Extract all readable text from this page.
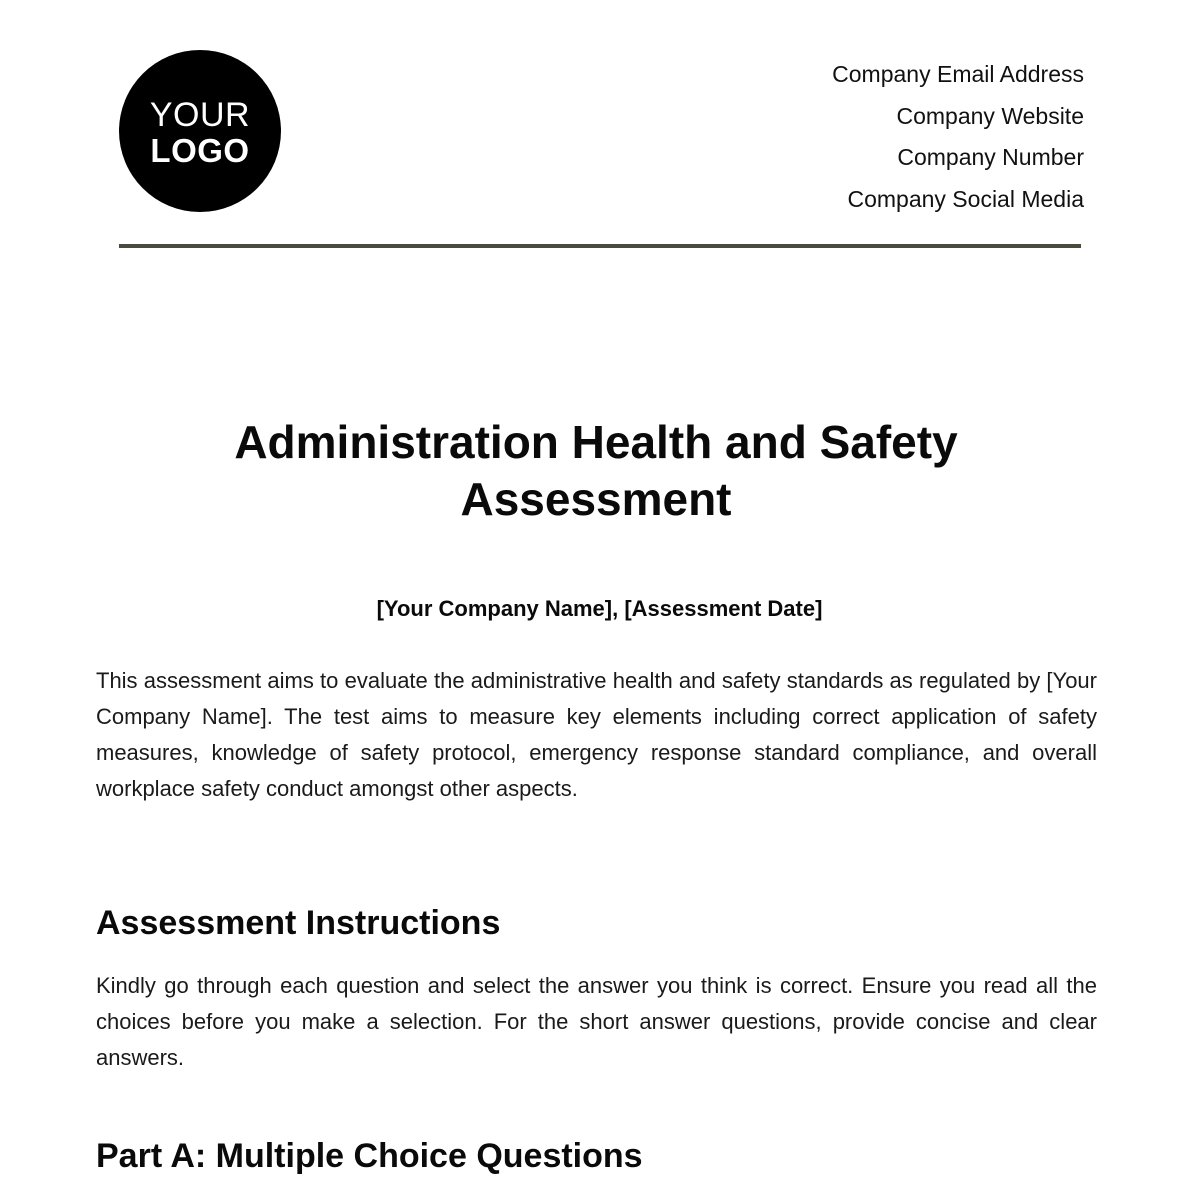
YOUR
LOGO
Company Email Address
Company Website
Company Number
Company Social Media
Administration Health and Safety
Assessment
[Your Company Name], [Assessment Date]

This assessment aims to evaluate the administrative health and safety standards as regulated by [Your Company Name]. The test aims to measure key elements including correct application of safety measures, knowledge of safety protocol, emergency response standard compliance, and overall workplace safety conduct amongst other aspects.

Assessment Instructions

Kindly go through each question and select the answer you think is correct. Ensure you read all the choices before you make a selection. For the short answer questions, provide concise and clear answers.

Part A: Multiple Choice Questions
